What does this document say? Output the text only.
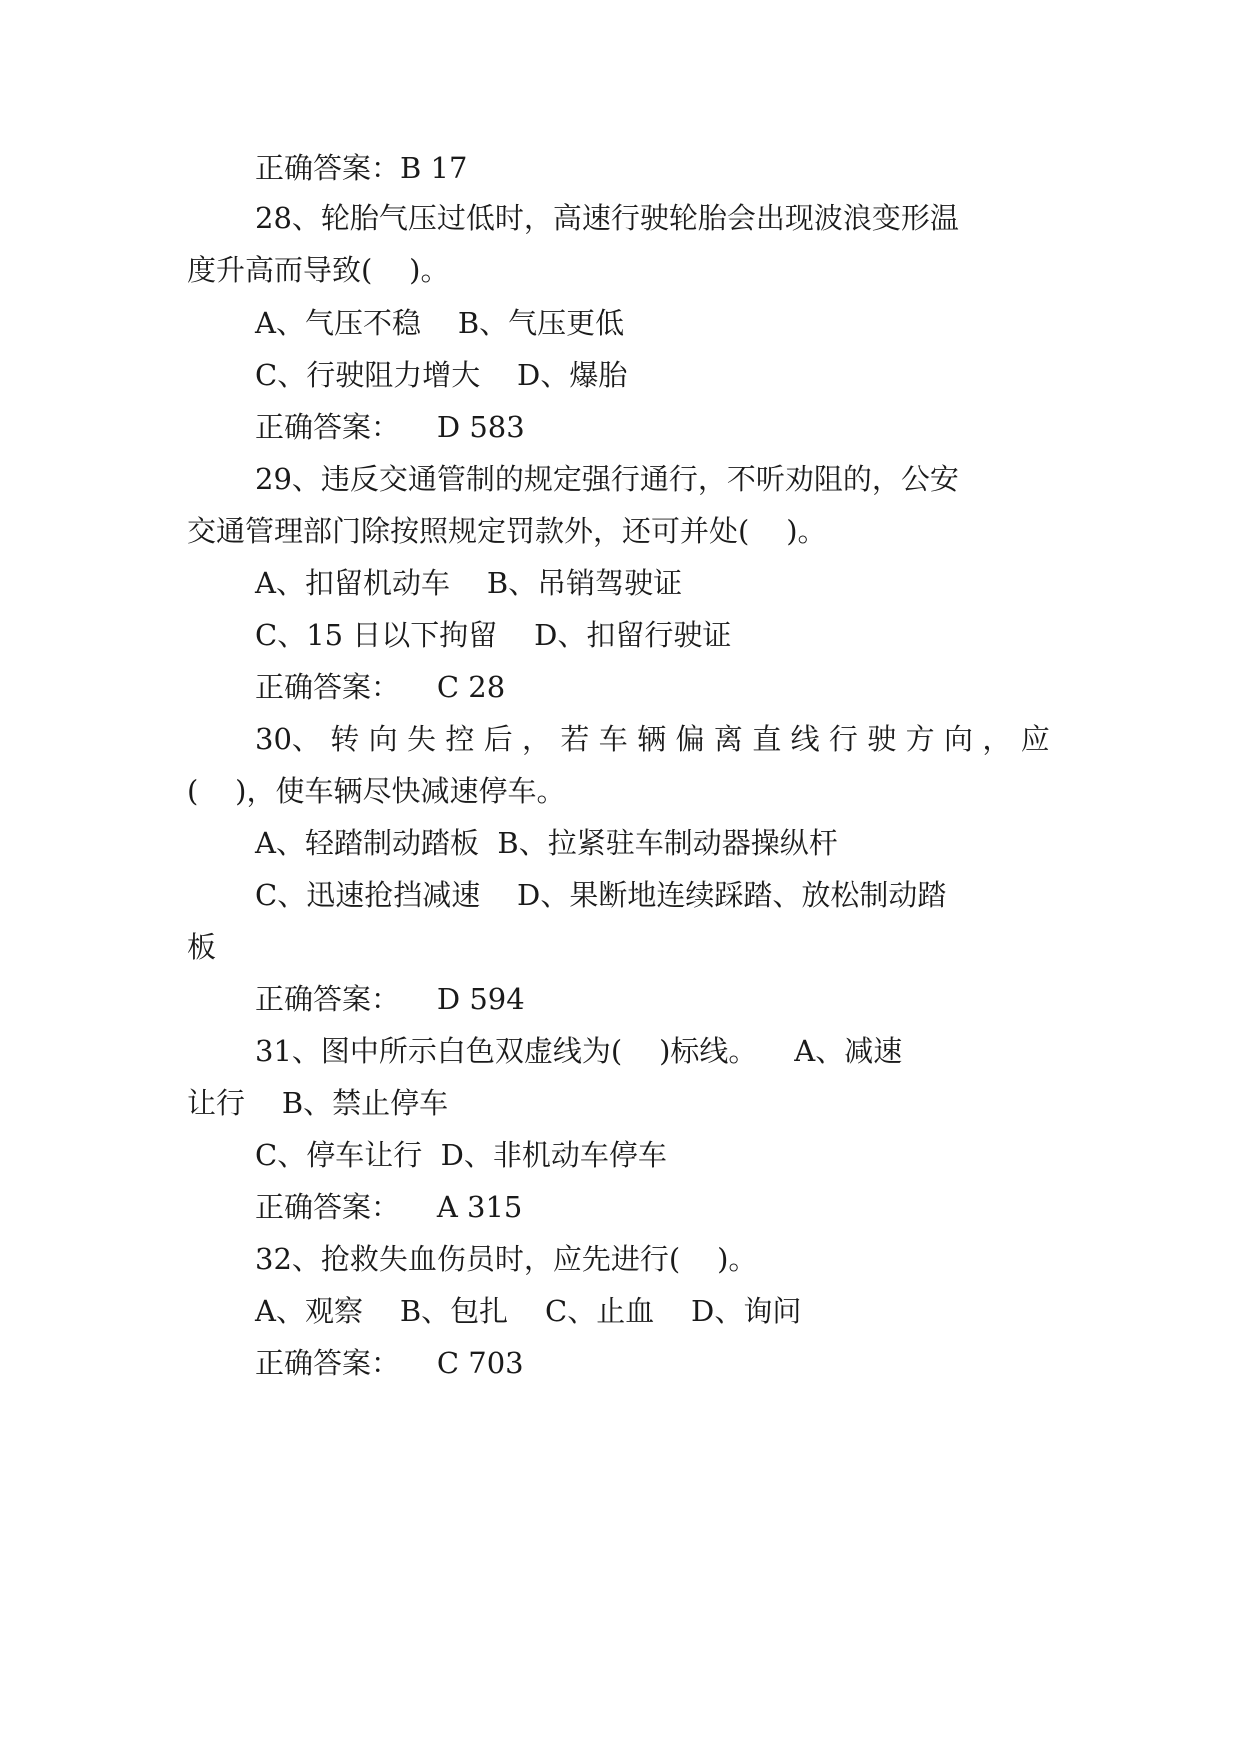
正确答案：B 17
28、轮胎气压过低时，高速行驶轮胎会出现波浪变形温
度升高而导致(    )。
A、气压不稳    B、气压更低
C、行驶阻力增大    D、爆胎
正确答案：    D 583
29、违反交通管制的规定强行通行，不听劝阻的，公安
交通管理部门除按照规定罚款外，还可并处(    )。
A、扣留机动车    B、吊销驾驶证
C、15 日以下拘留    D、扣留行驶证
正确答案：    C 28
30、 转 向 失 控 后 ， 若 车 辆 偏 离 直 线 行 驶 方 向 ， 应
(    )，使车辆尽快减速停车。
A、轻踏制动踏板  B、拉紧驻车制动器操纵杆
C、迅速抢挡减速    D、果断地连续踩踏、放松制动踏
板
正确答案：    D 594
31、图中所示白色双虚线为(    )标线。    A、减速
让行    B、禁止停车
C、停车让行  D、非机动车停车
正确答案：    A 315
32、抢救失血伤员时，应先进行(    )。
A、观察    B、包扎    C、止血    D、询问
正确答案：    C 703
